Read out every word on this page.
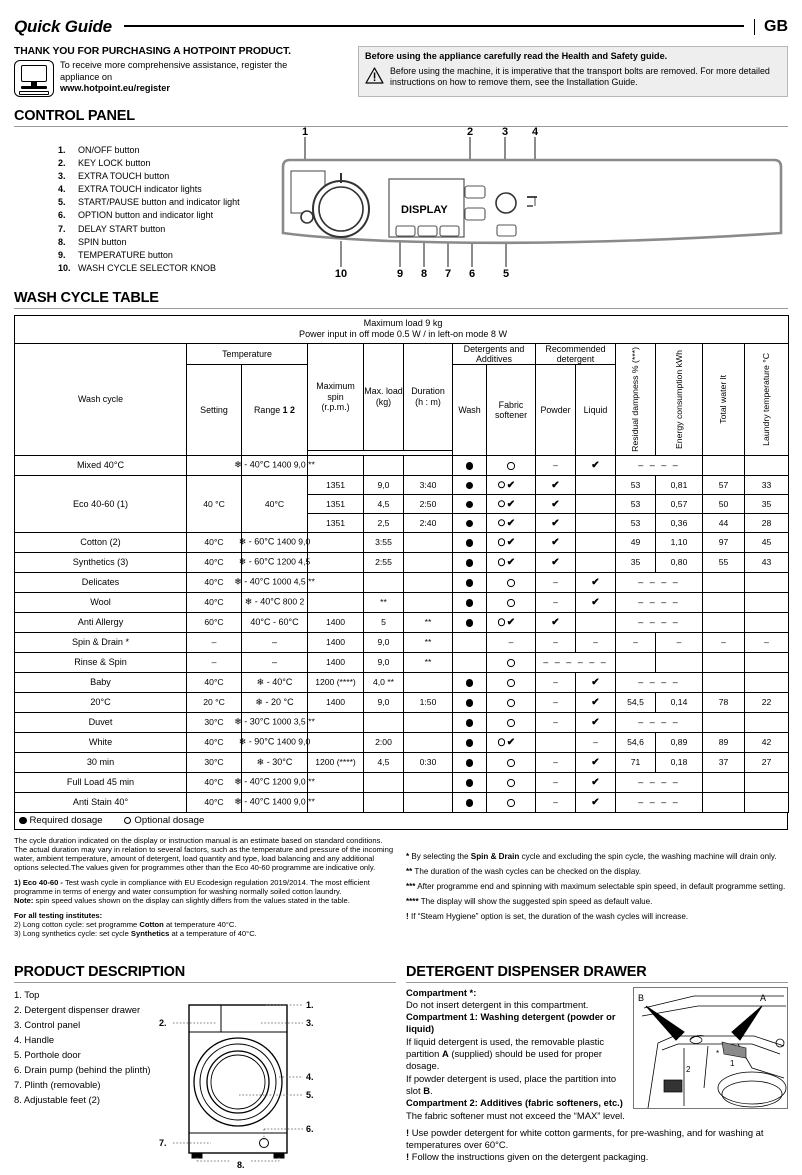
Quick Guide	GB
THANK YOU FOR PURCHASING A HOTPOINT PRODUCT.
To receive more comprehensive assistance, register the
appliance on
www.hotpoint.eu/register
Before using the appliance carefully read the Health and Safety guide.
Before using the machine, it is imperative that the transport bolts are removed. For more detailed instructions on how to remove them, see the Installation Guide.
CONTROL PANEL
1.	ON/OFF button
2.	KEY LOCK button
3.	EXTRA TOUCH button
4.	EXTRA TOUCH indicator lights
5.	START/PAUSE button and indicator light
6.	OPTION button and indicator light
7.	DELAY START button
8.	SPIN button
9.	TEMPERATURE button
10. WASH CYCLE SELECTOR KNOB
DISPLAY
1	2	3 4
10	9 8 7 6	5
WASH CYCLE TABLE
Maximum load 9 kg
Power input in off mode 0.5 W / in left-on mode 8 W													
Wash cycle	Temperature		Maximum spin
(r.p.m.)	Max. load
(kg)	Duration
(h : m)	Detergents and Additives		Recommended detergent		Residual dampness % (***)	Energy consumption kWh	Total water lt	Laundry temperature °C

	Setting	Range 1 2				Wash	Fabric softener	Powder	Liquid				

Mixed 40°C		❄ - 40°C 1400 9,0 **						–	✔	– – – –			

Eco 40-60 (1)	40 °C	40°C	1351	9,0	3:40		✔	✔		53	0,81	57	33
			1351	4,5	2:50		✔	✔		53	0,57	50	35
			1351	2,5	2:40		✔	✔		53	0,36	44	28
Cotton (2)	40°C	❄ - 60°C 1400 9,0		3:55			✔	✔		49	1,10	97	45
Synthetics (3)	40°C	❄ - 60°C 1200 4,5		2:55			✔	✔		35	0,80	55	43
Delicates	40°C	❄ - 40°C 1000 4,5 **						–	✔	– – – –			

Wool	40°C	❄ - 40°C 800 2		**				–	✔	– – – –			

Anti Allergy	60°C	40°C - 60°C	1400	5	**		✔	✔		– – – –			

Spin & Drain *	–	–	1400	9,0	**		–	–	–	–	–	–	–
Rinse & Spin	–	–	1400	9,0	**			– – – – – –					

Baby	40°C	❄ - 40°C	1200 (****)	4,0 **				–	✔	– – – –			

20°C	20 °C	❄ - 20 °C	1400	9,0	1:50			–	✔	54,5	0,14	78	22
Duvet	30°C	❄ - 30°C 1000 3,5 **						–	✔	– – – –			

White	40°C	❄ - 90°C 1400 9,0		2:00			✔		–	54,6	0,89	89	42
30 min	30°C	❄ - 30°C	1200 (****)	4,5	0:30			–	✔	71	0,18	37	27
Full Load 45 min	40°C	❄ - 40°C 1200 9,0 **						–	✔	– – – –			

Anti Stain 40°	40°C	❄ - 40°C 1400 9,0 **						–	✔	– – – –			

Required dosage	Optional dosage

The cycle duration indicated on the display or instruction manual is an estimate based on standard conditions. The actual duration may vary in relation to several factors, such as the temperature and pressure of the incoming water, ambient temperature, amount of detergent, load quantity and type, load balancing and any additional options selected.The values given for programmes other than the Eco 40-60 programme are indicative only.

1) Eco 40-60 - Test wash cycle in compliance with EU Ecodesign regulation 2019/2014. The most efficient programme in terms of energy and water consumption for washing normally soiled cotton laundry.
Note: spin speed values shown on the display can slightly differs from the values stated in the table.

For all testing institutes:
2) Long cotton cycle: set programme Cotton at temperature 40°C.
3) Long synthetics cycle: set cycle Synthetics at a temperature of 40°C.

* By selecting the Spin & Drain cycle and excluding the spin cycle, the washing machine will drain only.

** The duration of the wash cycles can be checked on the display.

*** After programme end and spinning with maximum selectable spin speed, in default programme setting.

**** The display will show the suggested spin speed as default value.

! If “Steam Hygiene” option is set, the duration of the wash cycles will increase.

PRODUCT DESCRIPTION
1. Top
2. Detergent dispenser drawer
3. Control panel
4. Handle
5. Porthole door
6. Drain pump (behind the plinth)
7. Plinth (removable)
8. Adjustable feet (2)
1.
2.	3.
4.
5.
6.
7.
8.
DETERGENT DISPENSER DRAWER
Compartment *:
Do not insert detergent in this compartment.
Compartment 1: Washing detergent (powder or liquid)
If liquid detergent is used, the removable plastic partition A (supplied) should be used for proper dosage.
If powder detergent is used, place the partition into slot B.
Compartment 2: Additives (fabric softeners, etc.)
The fabric softener must not exceed the “MAX” level.
B	A
*
1
2

! Use powder detergent for white cotton garments, for pre-washing, and for washing at temperatures over 60°C.

! Follow the instructions given on the detergent packaging.
